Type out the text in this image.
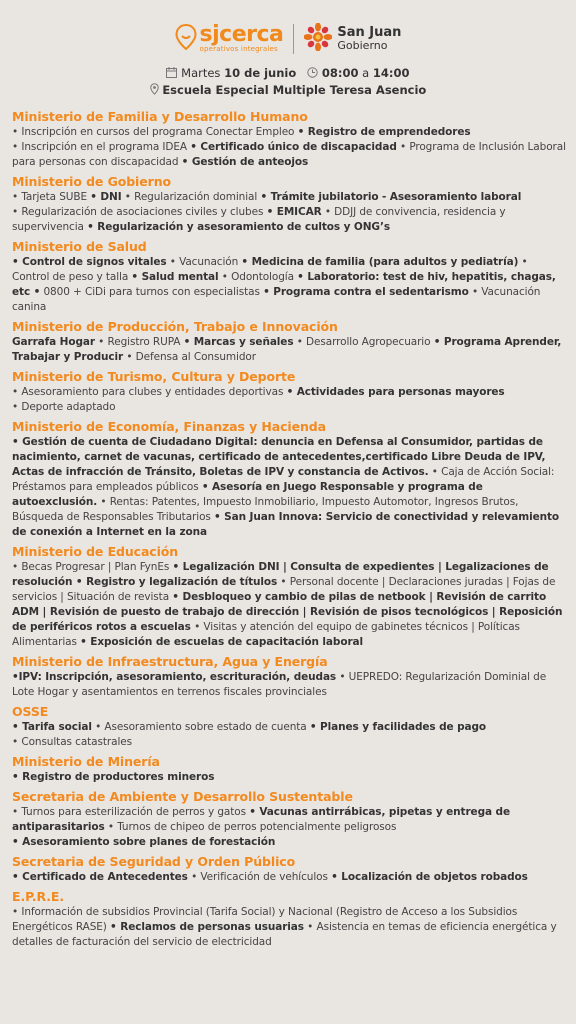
sjcerca
operativos integrales
San Juan
Gobierno
Martes 10 de junio 08:00 a 14:00
Escuela Especial Multiple Teresa Asencio
Ministerio de Familia y Desarrollo Humano
• Inscripción en cursos del programa Conectar Empleo • Registro de emprendedores
• Inscripción en el programa IDEA • Certificado único de discapacidad • Programa de Inclusión Laboral para personas con discapacidad • Gestión de anteojos
Ministerio de Gobierno
• Tarjeta SUBE • DNI • Regularización dominial • Trámite jubilatorio - Asesoramiento laboral
• Regularización de asociaciones civiles y clubes • EMICAR • DDJJ de convivencia, residencia y supervivencia • Regularización y asesoramiento de cultos y ONG’s
Ministerio de Salud
• Control de signos vitales • Vacunación • Medicina de familia (para adultos y pediatría) • Control de peso y talla • Salud mental • Odontología • Laboratorio: test de hiv, hepatitis, chagas, etc • 0800 + CiDi para turnos con especialistas • Programa contra el sedentarismo • Vacunación canina
Ministerio de Producción, Trabajo e Innovación
Garrafa Hogar • Registro RUPA • Marcas y señales • Desarrollo Agropecuario • Programa Aprender, Trabajar y Producir • Defensa al Consumidor
Ministerio de Turismo, Cultura y Deporte
• Asesoramiento para clubes y entidades deportivas • Actividades para personas mayores
• Deporte adaptado
Ministerio de Economía, Finanzas y Hacienda
• Gestión de cuenta de Ciudadano Digital: denuncia en Defensa al Consumidor, partidas de nacimiento, carnet de vacunas, certificado de antecedentes,certificado Libre Deuda de IPV, Actas de infracción de Tránsito, Boletas de IPV y constancia de Activos. • Caja de Acción Social: Préstamos para empleados públicos • Asesoría en Juego Responsable y programa de autoexclusión. • Rentas: Patentes, Impuesto Inmobiliario, Impuesto Automotor, Ingresos Brutos, Búsqueda de Responsables Tributarios • San Juan Innova: Servicio de conectividad y relevamiento de conexión a Internet en la zona
Ministerio de Educación
• Becas Progresar | Plan FynEs • Legalización DNI | Consulta de expedientes | Legalizaciones de resolución • Registro y legalización de títulos • Personal docente | Declaraciones juradas | Fojas de servicios | Situación de revista • Desbloqueo y cambio de pilas de netbook | Revisión de carrito ADM | Revisión de puesto de trabajo de dirección | Revisión de pisos tecnológicos | Reposición de periféricos rotos a escuelas • Visitas y atención del equipo de gabinetes técnicos | Políticas Alimentarias • Exposición de escuelas de capacitación laboral
Ministerio de Infraestructura, Agua y Energía
•IPV: Inscripción, asesoramiento, escrituración, deudas • UEPREDO: Regularización Dominial de Lote Hogar y asentamientos en terrenos fiscales provinciales
OSSE
• Tarifa social • Asesoramiento sobre estado de cuenta • Planes y facilidades de pago
• Consultas catastrales
Ministerio de Minería
• Registro de productores mineros
Secretaria de Ambiente y Desarrollo Sustentable
• Turnos para esterilización de perros y gatos • Vacunas antirrábicas, pipetas y entrega de antiparasitarios • Turnos de chipeo de perros potencialmente peligrosos
• Asesoramiento sobre planes de forestación
Secretaria de Seguridad y Orden Público
• Certificado de Antecedentes • Verificación de vehículos • Localización de objetos robados
E.P.R.E.
• Información de subsidios Provincial (Tarifa Social) y Nacional (Registro de Acceso a los Subsidios Energéticos RASE) • Reclamos de personas usuarias • Asistencia en temas de eficiencia energética y detalles de facturación del servicio de electricidad
